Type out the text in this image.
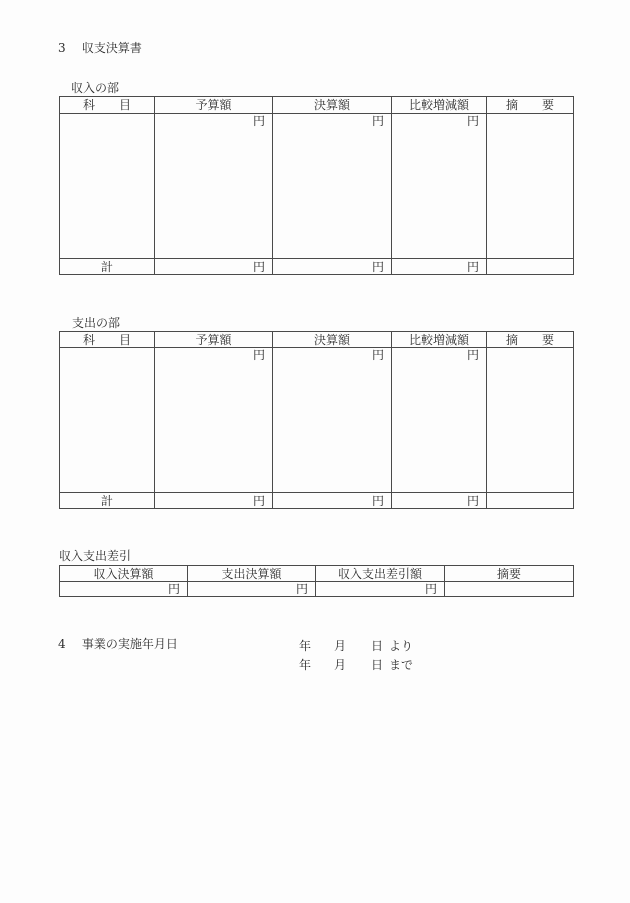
3 収支決算書
収入の部
科　　目	予算額	決算額	比較増減額	摘　　要
	円	円	円	
計	円	円	円	
支出の部
科　　目	予算額	決算額	比較増減額	摘　　要
	円	円	円	
計	円	円	円	
収入支出差引
収入決算額	支出決算額	収入支出差引額	摘要
円	円	円	
4 事業の実施年月日	年 月 日 より
年 月 日 まで
